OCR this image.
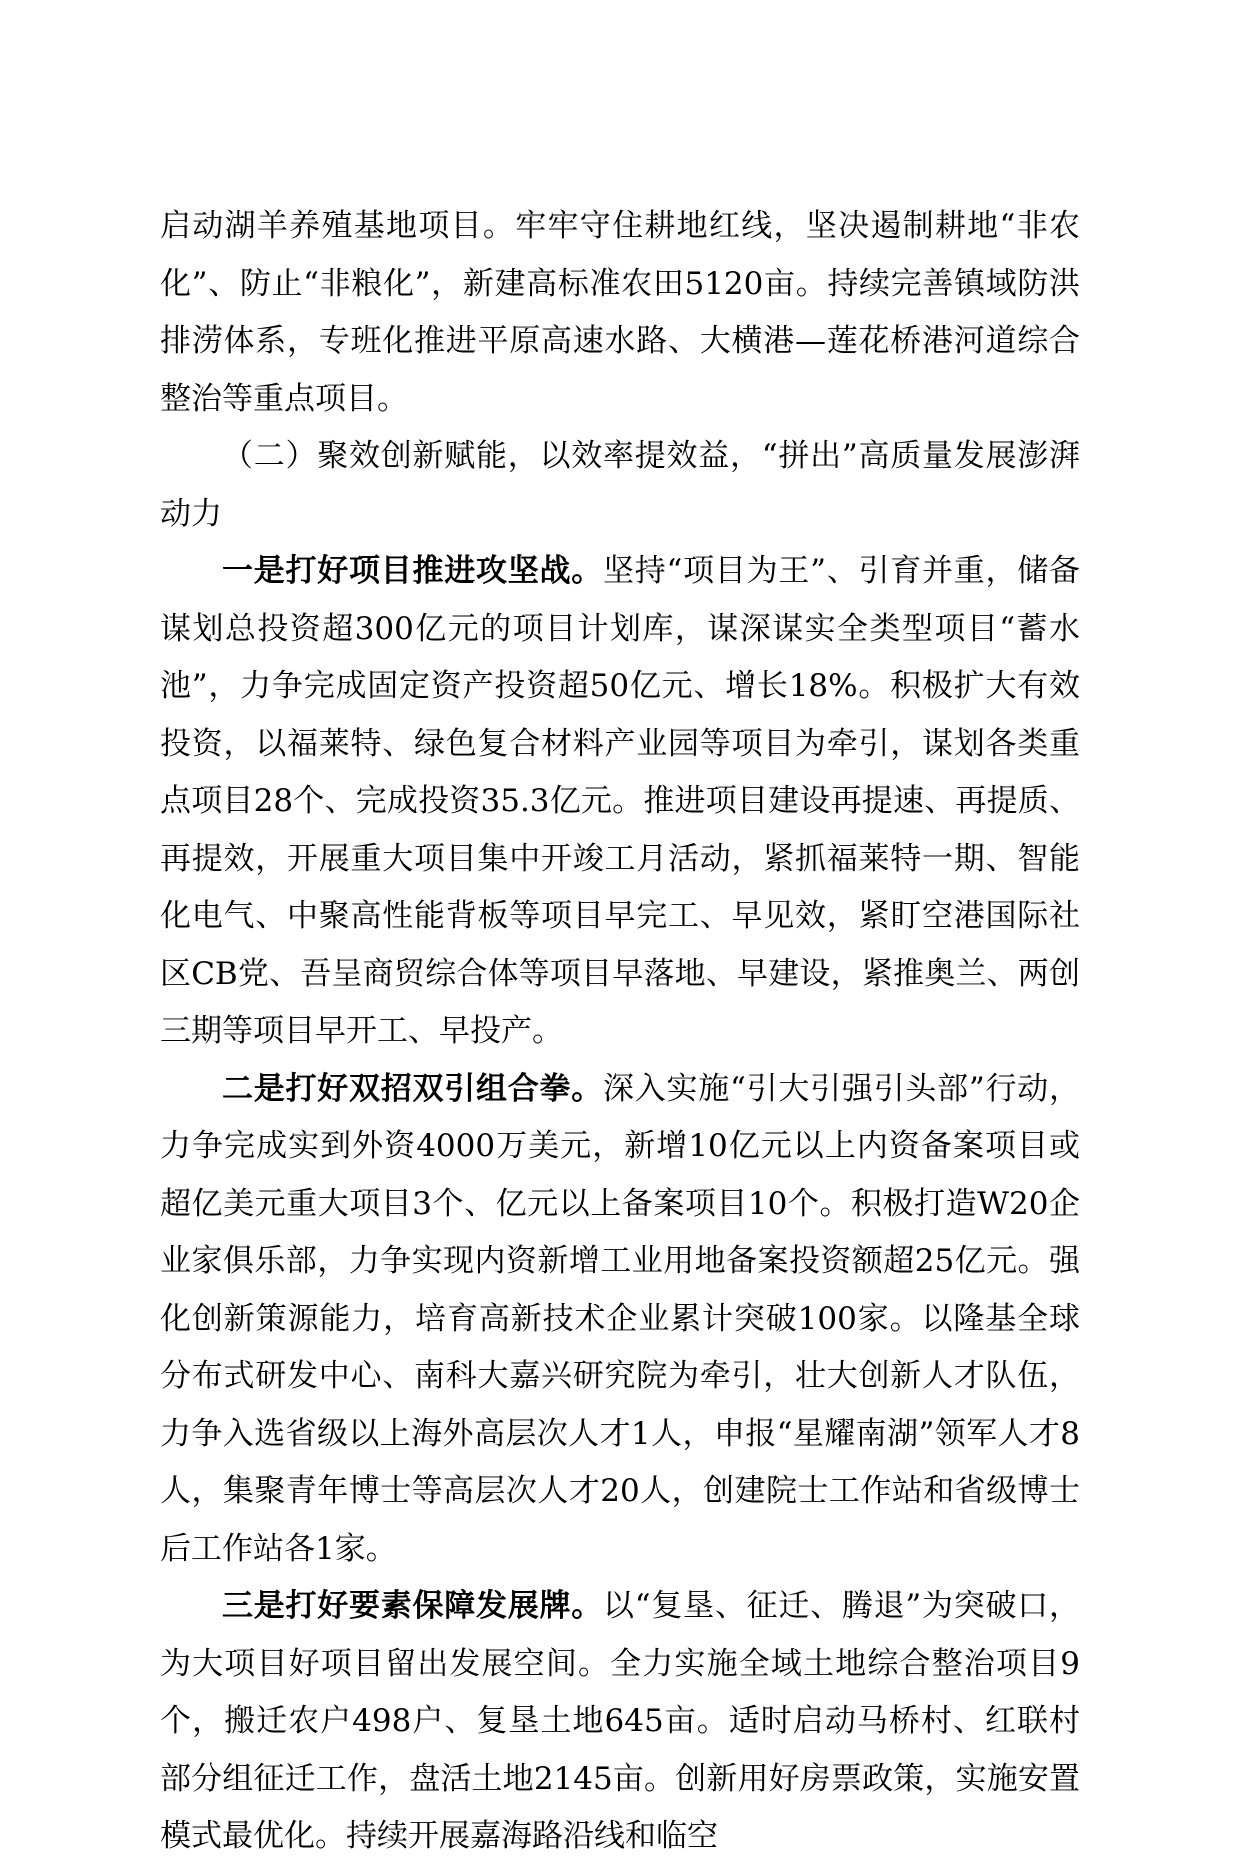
启动湖羊养殖基地项目。牢牢守住耕地红线，坚决遏制耕地“非农化”、防止“非粮化”，新建高标准农田5120亩。持续完善镇域防洪排涝体系，专班化推进平原高速水路、大横港—莲花桥港河道综合整治等重点项目。

（二）聚效创新赋能，以效率提效益，“拼出”高质量发展澎湃动力

一是打好项目推进攻坚战。坚持“项目为王”、引育并重，储备谋划总投资超300亿元的项目计划库，谋深谋实全类型项目“蓄水池”，力争完成固定资产投资超50亿元、增长18%。积极扩大有效投资，以福莱特、绿色复合材料产业园等项目为牵引，谋划各类重点项目28个、完成投资35.3亿元。推进项目建设再提速、再提质、再提效，开展重大项目集中开竣工月活动，紧抓福莱特一期、智能化电气、中聚高性能背板等项目早完工、早见效，紧盯空港国际社区CB党、吾呈商贸综合体等项目早落地、早建设，紧推奥兰、两创三期等项目早开工、早投产。

二是打好双招双引组合拳。深入实施“引大引强引头部”行动，力争完成实到外资4000万美元，新增10亿元以上内资备案项目或超亿美元重大项目3个、亿元以上备案项目10个。积极打造W20企业家俱乐部，力争实现内资新增工业用地备案投资额超25亿元。强化创新策源能力，培育高新技术企业累计突破100家。以隆基全球分布式研发中心、南科大嘉兴研究院为牵引，壮大创新人才队伍，力争入选省级以上海外高层次人才1人，申报“星耀南湖”领军人才8人，集聚青年博士等高层次人才20人，创建院士工作站和省级博士后工作站各1家。

三是打好要素保障发展牌。以“复垦、征迁、腾退”为突破口，为大项目好项目留出发展空间。全力实施全域土地综合整治项目9个，搬迁农户498户、复垦土地645亩。适时启动马桥村、红联村部分组征迁工作，盘活土地2145亩。创新用好房票政策，实施安置模式最优化。持续开展嘉海路沿线和临空
